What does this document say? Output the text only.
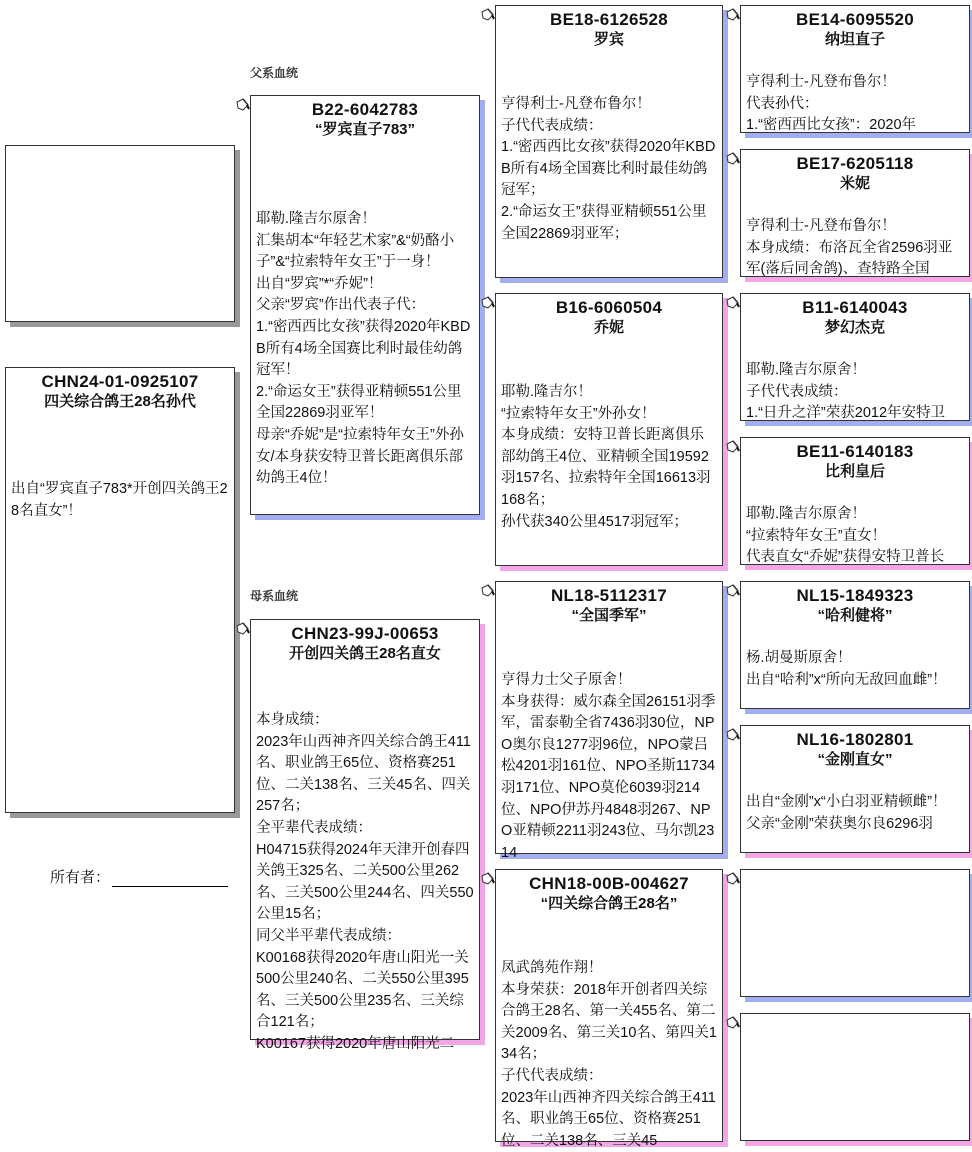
CHN24-01-0925107
四关综合鸽王28名孙代
出自“罗宾直子783*开创四关鸽王28名直女”！
所有者：
父系血统
母系血统
B22-6042783
“罗宾直子783”
耶勒.隆吉尔原舍！
汇集胡本“年轻艺术家”&“奶酪小子”&“拉索特年女王”于一身！
出自“罗宾”*“乔妮”！
父亲“罗宾”作出代表子代：
1.“密西西比女孩”获得2020年KBDB所有4场全国赛比利时最佳幼鸽冠军！
2.“命运女王”获得亚精顿551公里全国22869羽亚军！
母亲“乔妮”是“拉索特年女王”外孙女/本身获安特卫普长距离俱乐部幼鸽王4位！
CHN23-99J-00653
开创四关鸽王28名直女
本身成绩：
2023年山西神齐四关综合鸽王411名、职业鸽王65位、资格赛251位、二关138名、三关45名、四关257名；
全平辈代表成绩：
H04715获得2024年天津开创春四关鸽王325名、二关500公里262名、三关500公里244名、四关550公里15名；
同父半平辈代表成绩：
K00168获得2020年唐山阳光一关500公里240名、二关550公里395名、三关500公里235名、三关综合121名；
K00167获得2020年唐山阳光二
BE18-6126528
罗宾
亨得利士-凡登布鲁尔！
子代代表成绩：
1.“密西西比女孩”获得2020年KBDB所有4场全国赛比利时最佳幼鸽冠军；
2.“命运女王”获得亚精顿551公里全国22869羽亚军；
B16-6060504
乔妮
耶勒.隆吉尔！
“拉索特年女王”外孙女！
本身成绩：安特卫普长距离俱乐部幼鸽王4位、亚精顿全国19592羽157名、拉索特年全国16613羽168名；
孙代获340公里4517羽冠军；
NL18-5112317
“全国季军”
亨得力士父子原舍！
本身获得：威尔森全国26151羽季军，雷泰勒全省7436羽30位，NPO奥尔良1277羽96位，NPO蒙吕松4201羽161位、NPO圣斯11734羽171位、NPO莫伦6039羽214位、NPO伊苏丹4848羽267、NPO亚精顿2211羽243位、马尔凯2314
CHN18-00B-004627
“四关综合鸽王28名”
凤武鸽苑作翔！
本身荣获：2018年开创者四关综合鸽王28名、第一关455名、第二关2009名、第三关10名、第四关134名；
子代代表成绩：
2023年山西神齐四关综合鸽王411名、职业鸽王65位、资格赛251位、二关138名、三关45
BE14-6095520
纳坦直子
亨得利士-凡登布鲁尔！
代表孙代：
1.“密西西比女孩”：2020年
BE17-6205118
米妮
亨得利士-凡登布鲁尔！
本身成绩：布洛瓦全省2596羽亚军(落后同舍鸽)、查特路全国
B11-6140043
梦幻杰克
耶勒.隆吉尔原舍！
子代代表成绩：
1.“日升之洋”荣获2012年安特卫
BE11-6140183
比利皇后
耶勒.隆吉尔原舍！
“拉索特年女王”直女！
代表直女“乔妮”获得安特卫普长
NL15-1849323
“哈利健将”
杨.胡曼斯原舍！
出自“哈利”x“所向无敌回血雌”！
NL16-1802801
“金刚直女”
出自“金刚”x“小白羽亚精顿雌”！
父亲“金刚”荣获奥尔良6296羽
